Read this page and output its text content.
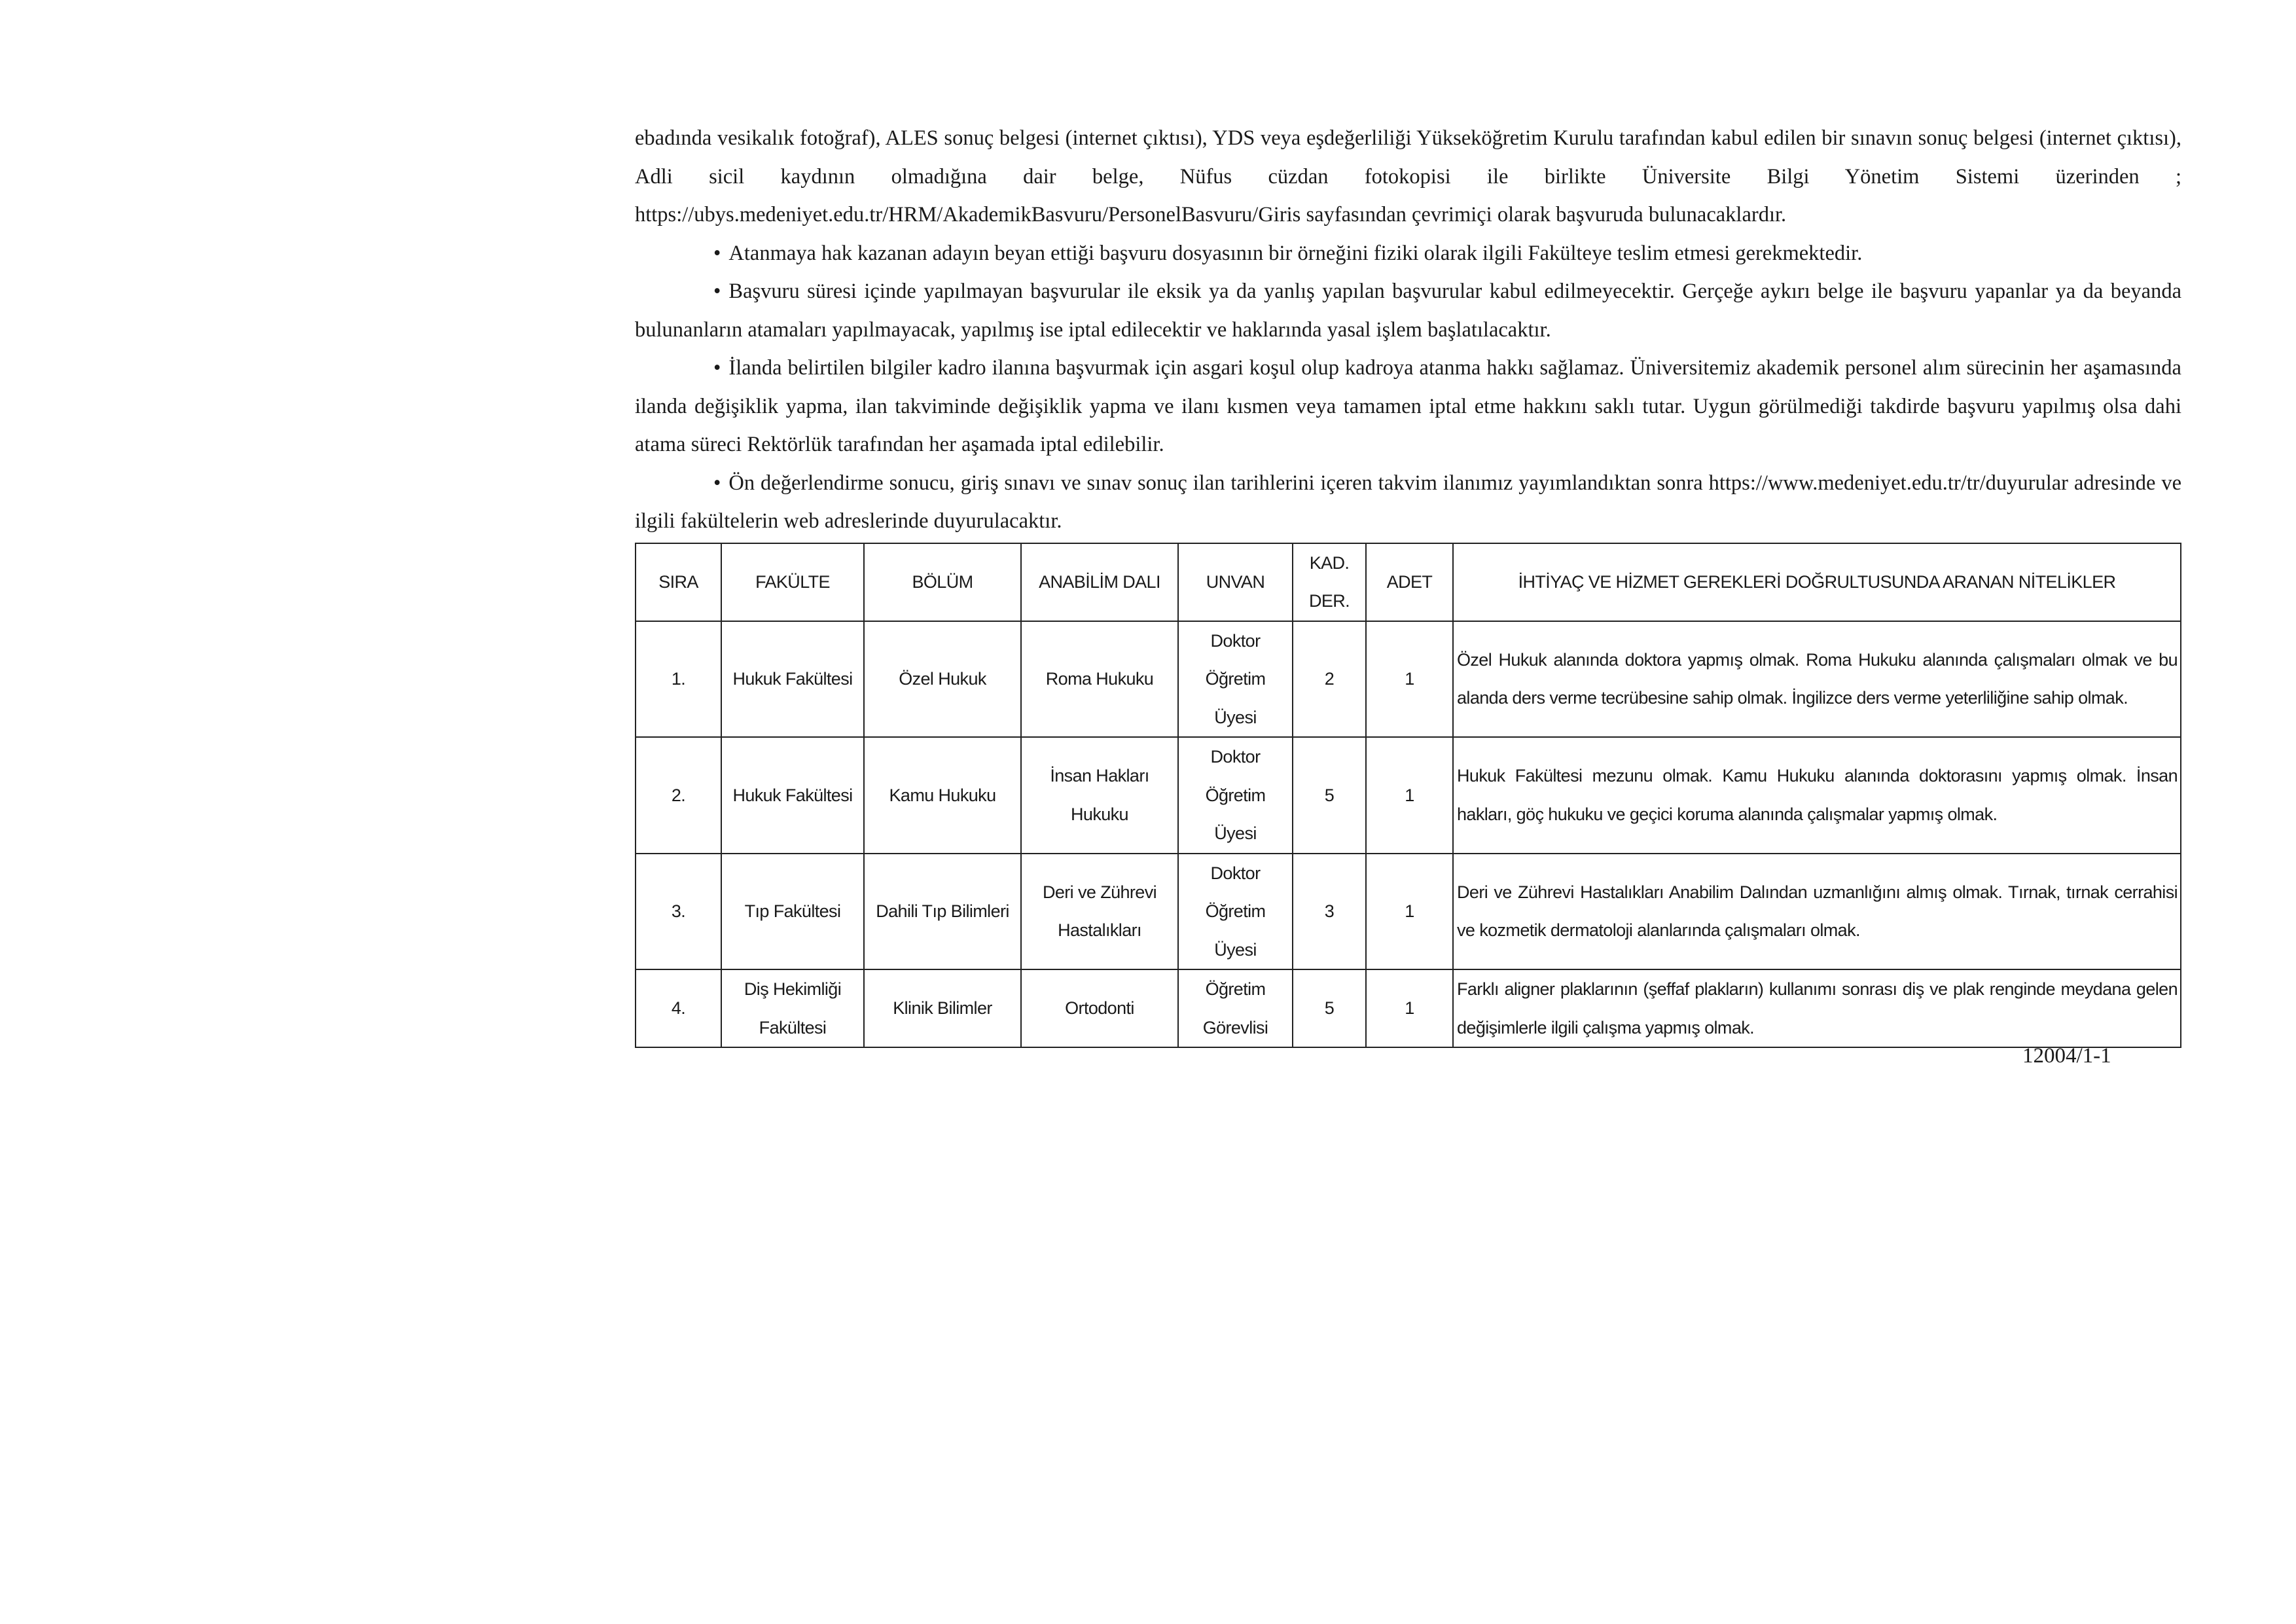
ebadında vesikalık fotoğraf), ALES sonuç belgesi (internet çıktısı), YDS veya eşdeğerliliği Yükseköğretim Kurulu tarafından kabul edilen bir sınavın sonuç belgesi (internet çıktısı), Adli sicil kaydının olmadığına dair belge, Nüfus cüzdan fotokopisi ile birlikte Üniversite Bilgi Yönetim Sistemi üzerinden ; https://ubys.medeniyet.edu.tr/HRM/AkademikBasvuru/PersonelBasvuru/Giris sayfasından çevrimiçi olarak başvuruda bulunacaklardır.

• Atanmaya hak kazanan adayın beyan ettiği başvuru dosyasının bir örneğini fiziki olarak ilgili Fakülteye teslim etmesi gerekmektedir.

• Başvuru süresi içinde yapılmayan başvurular ile eksik ya da yanlış yapılan başvurular kabul edilmeyecektir. Gerçeğe aykırı belge ile başvuru yapanlar ya da beyanda bulunanların atamaları yapılmayacak, yapılmış ise iptal edilecektir ve haklarında yasal işlem başlatılacaktır.

• İlanda belirtilen bilgiler kadro ilanına başvurmak için asgari koşul olup kadroya atanma hakkı sağlamaz. Üniversitemiz akademik personel alım sürecinin her aşamasında ilanda değişiklik yapma, ilan takviminde değişiklik yapma ve ilanı kısmen veya tamamen iptal etme hakkını saklı tutar. Uygun görülmediği takdirde başvuru yapılmış olsa dahi atama süreci Rektörlük tarafından her aşamada iptal edilebilir.

• Ön değerlendirme sonucu, giriş sınavı ve sınav sonuç ilan tarihlerini içeren takvim ilanımız yayımlandıktan sonra https://www.medeniyet.edu.tr/tr/duyurular adresinde ve ilgili fakültelerin web adreslerinde duyurulacaktır.

SIRA	FAKÜLTE	BÖLÜM	ANABİLİM DALI	UNVAN	KAD. DER.	ADET	İHTİYAÇ VE HİZMET GEREKLERİ DOĞRULTUSUNDA ARANAN NİTELİKLER
1.	Hukuk Fakültesi	Özel Hukuk	Roma Hukuku	Doktor Öğretim Üyesi	2	1	Özel Hukuk alanında doktora yapmış olmak. Roma Hukuku alanında çalışmaları olmak ve bu alanda ders verme tecrübesine sahip olmak. İngilizce ders verme yeterliliğine sahip olmak.
2.	Hukuk Fakültesi	Kamu Hukuku	İnsan Hakları Hukuku	Doktor Öğretim Üyesi	5	1	Hukuk Fakültesi mezunu olmak. Kamu Hukuku alanında doktorasını yapmış olmak. İnsan hakları, göç hukuku ve geçici koruma alanında çalışmalar yapmış olmak.
3.	Tıp Fakültesi	Dahili Tıp Bilimleri	Deri ve Zührevi Hastalıkları	Doktor Öğretim Üyesi	3	1	Deri ve Zührevi Hastalıkları Anabilim Dalından uzmanlığını almış olmak. Tırnak, tırnak cerrahisi ve kozmetik dermatoloji alanlarında çalışmaları olmak.
4.	Diş Hekimliği Fakültesi	Klinik Bilimler	Ortodonti	Öğretim Görevlisi	5	1	Farklı aligner plaklarının (şeffaf plakların) kullanımı sonrası diş ve plak renginde meydana gelen değişimlerle ilgili çalışma yapmış olmak.
12004/1-1
